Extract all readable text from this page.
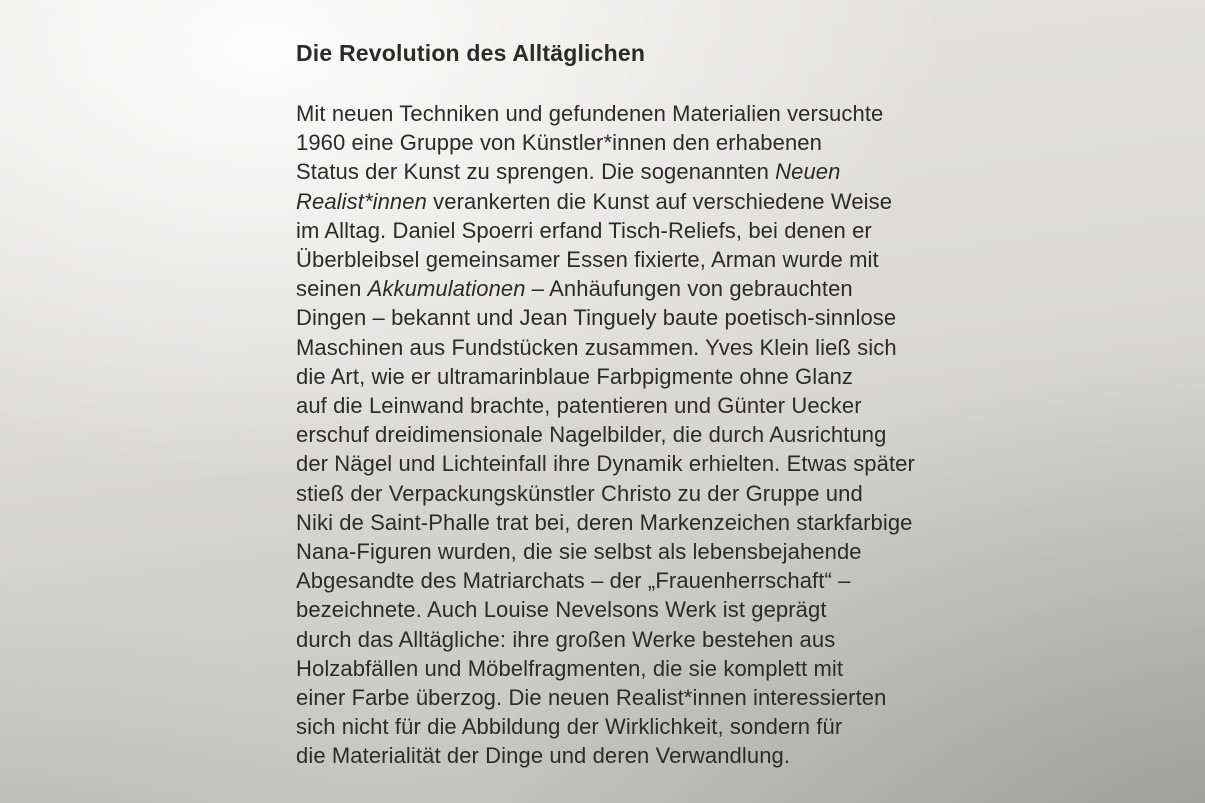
Die Revolution des Alltäglichen
Mit neuen Techniken und gefundenen Materialien versuchte
1960 eine Gruppe von Künstler*innen den erhabenen
Status der Kunst zu sprengen. Die sogenannten Neuen
Realist*innen verankerten die Kunst auf verschiedene Weise
im Alltag. Daniel Spoerri erfand Tisch-Reliefs, bei denen er
Überbleibsel gemeinsamer Essen fixierte, Arman wurde mit
seinen Akkumulationen – Anhäufungen von gebrauchten
Dingen – bekannt und Jean Tinguely baute poetisch-sinnlose
Maschinen aus Fundstücken zusammen. Yves Klein ließ sich
die Art, wie er ultramarinblaue Farbpigmente ohne Glanz
auf die Leinwand brachte, patentieren und Günter Uecker
erschuf dreidimensionale Nagelbilder, die durch Ausrichtung
der Nägel und Lichteinfall ihre Dynamik erhielten. Etwas später
stieß der Verpackungskünstler Christo zu der Gruppe und
Niki de Saint-Phalle trat bei, deren Markenzeichen starkfarbige
Nana-Figuren wurden, die sie selbst als lebensbejahende
Abgesandte des Matriarchats – der „Frauenherrschaft“ –
bezeichnete. Auch Louise Nevelsons Werk ist geprägt
durch das Alltägliche: ihre großen Werke bestehen aus
Holzabfällen und Möbelfragmenten, die sie komplett mit
einer Farbe überzog. Die neuen Realist*innen interessierten
sich nicht für die Abbildung der Wirklichkeit, sondern für
die Materialität der Dinge und deren Verwandlung.
